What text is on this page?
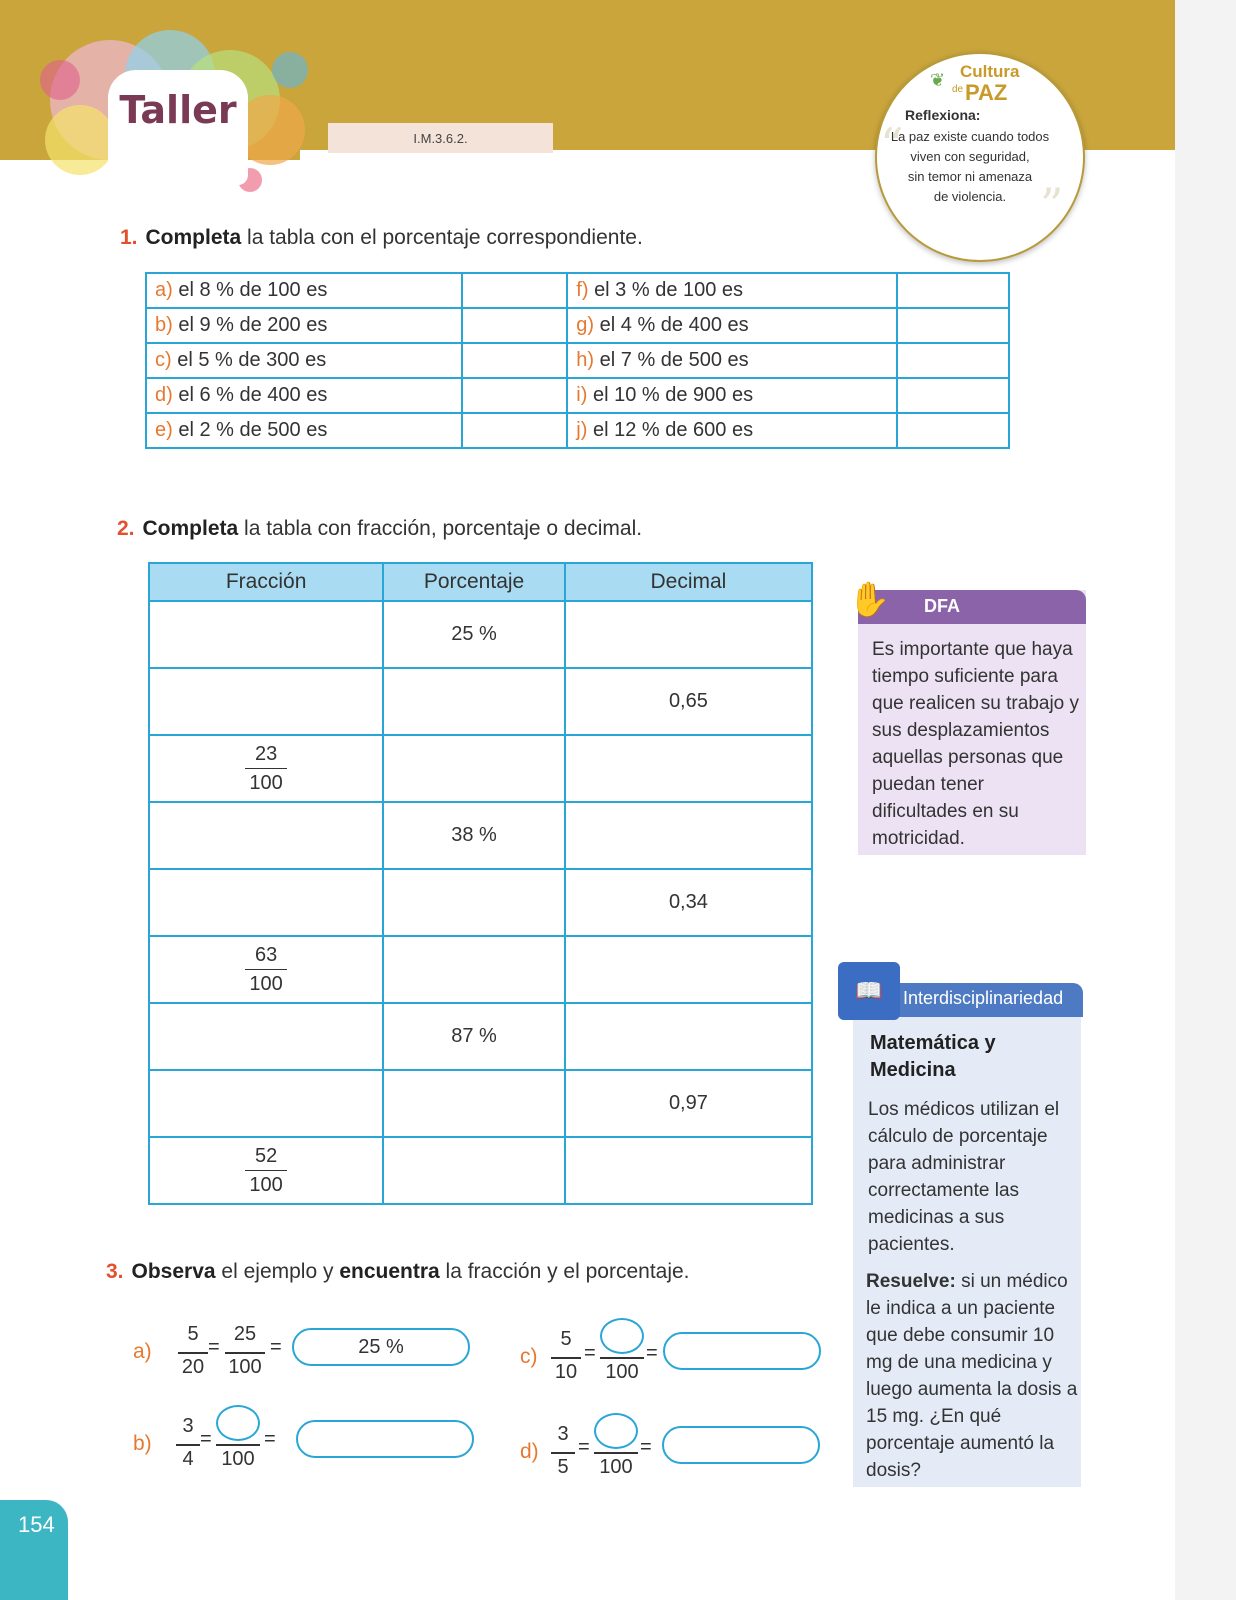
Taller
I.M.3.6.2.
❦ Cultura
de PAZ
“
Reflexiona:
La paz existe cuando todos
viven con seguridad,
sin temor ni amenaza
de violencia. ”
1. Completa la tabla con el porcentaje correspondiente.
a) el 8 % de 100 es		f) el 3 % de 100 es	
b) el 9 % de 200 es		g) el 4 % de 400 es	
c) el 5 % de 300 es		h) el 7 % de 500 es	
d) el 6 % de 400 es		i) el 10 % de 900 es	
e) el 2 % de 500 es		j) el 12 % de 600 es	
2. Completa la tabla con fracción, porcentaje o decimal.
Fracción	Porcentaje	Decimal
	25 %	
		0,65

$\frac{23}{100}$

	38 %	
		0,34

$\frac{63}{100}$

	87 %	
		0,97

$\frac{52}{100}$

✋ DFA
Es importante que haya tiempo suficiente para que realicen su trabajo y sus desplazamientos aquellas personas que puedan tener dificultades en su motricidad.
📖	Interdisciplinariedad
Matemática y Medicina
Los médicos utilizan el cálculo de porcentaje para administrar correctamente las medicinas a sus pacientes.
Resuelve: si un médico le indica a un paciente que debe consumir 10 mg de una medicina y luego aumenta la dosis a 15 mg. ¿En qué porcentaje aumentó la dosis?
3. Observa el ejemplo y encuentra la fracción y el porcentaje.
a)
5
20
=
25
100
=	25 %
b)
3
4
=
100
=
c)
5
10
=
100
=
d)
3
5
=
100
=
154
